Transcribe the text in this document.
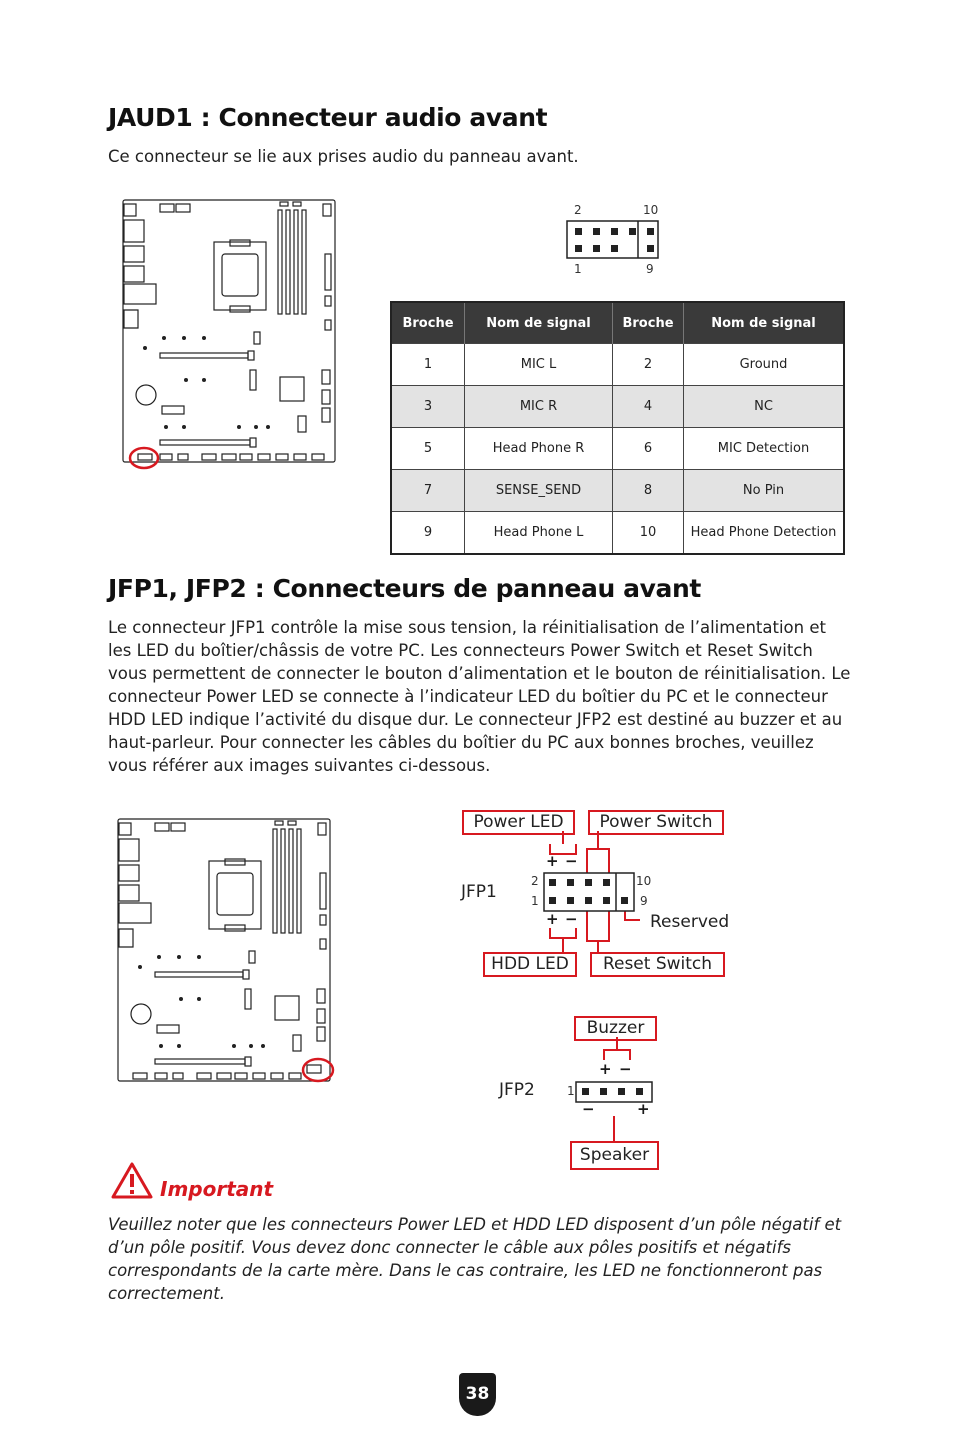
JAUD1 : Connecteur audio avant
Ce connecteur se lie aux prises audio du panneau avant.
2	10
1	9
Broche	Nom de signal	Broche	Nom de signal
1	MIC L	2	Ground
3	MIC R	4	NC
5	Head Phone R	6	MIC Detection
7	SENSE_SEND	8	No Pin
9	Head Phone L	10	Head Phone Detection
JFP1, JFP2 : Connecteurs de panneau avant
Le connecteur JFP1 contrôle la mise sous tension, la réinitialisation de l’alimentation et les LED du boîtier/châssis de votre PC. Les connecteurs Power Switch et Reset Switch vous permettent de connecter le bouton d’alimentation et le bouton de réinitialisation. Le connecteur Power LED se connecte à l’indicateur LED du boîtier du PC et le connecteur HDD LED indique l’activité du disque dur. Le connecteur JFP2 est destiné au buzzer et au haut-parleur. Pour connecter les câbles du boîtier du PC aux bonnes broches, veuillez vous référer aux images suivantes ci-dessous.
Power LED	Power Switch
JFP1
2
1
10
9
+ −
+ −	Reserved
HDD LED	Reset Switch
Buzzer
JFP2	1
+ −
−	+
Speaker
Important
Veuillez noter que les connecteurs Power LED et HDD LED disposent d’un pôle négatif et d’un pôle positif. Vous devez donc connecter le câble aux pôles positifs et négatifs correspondants de la carte mère. Dans le cas contraire, les LED ne fonctionneront pas correctement.
38
